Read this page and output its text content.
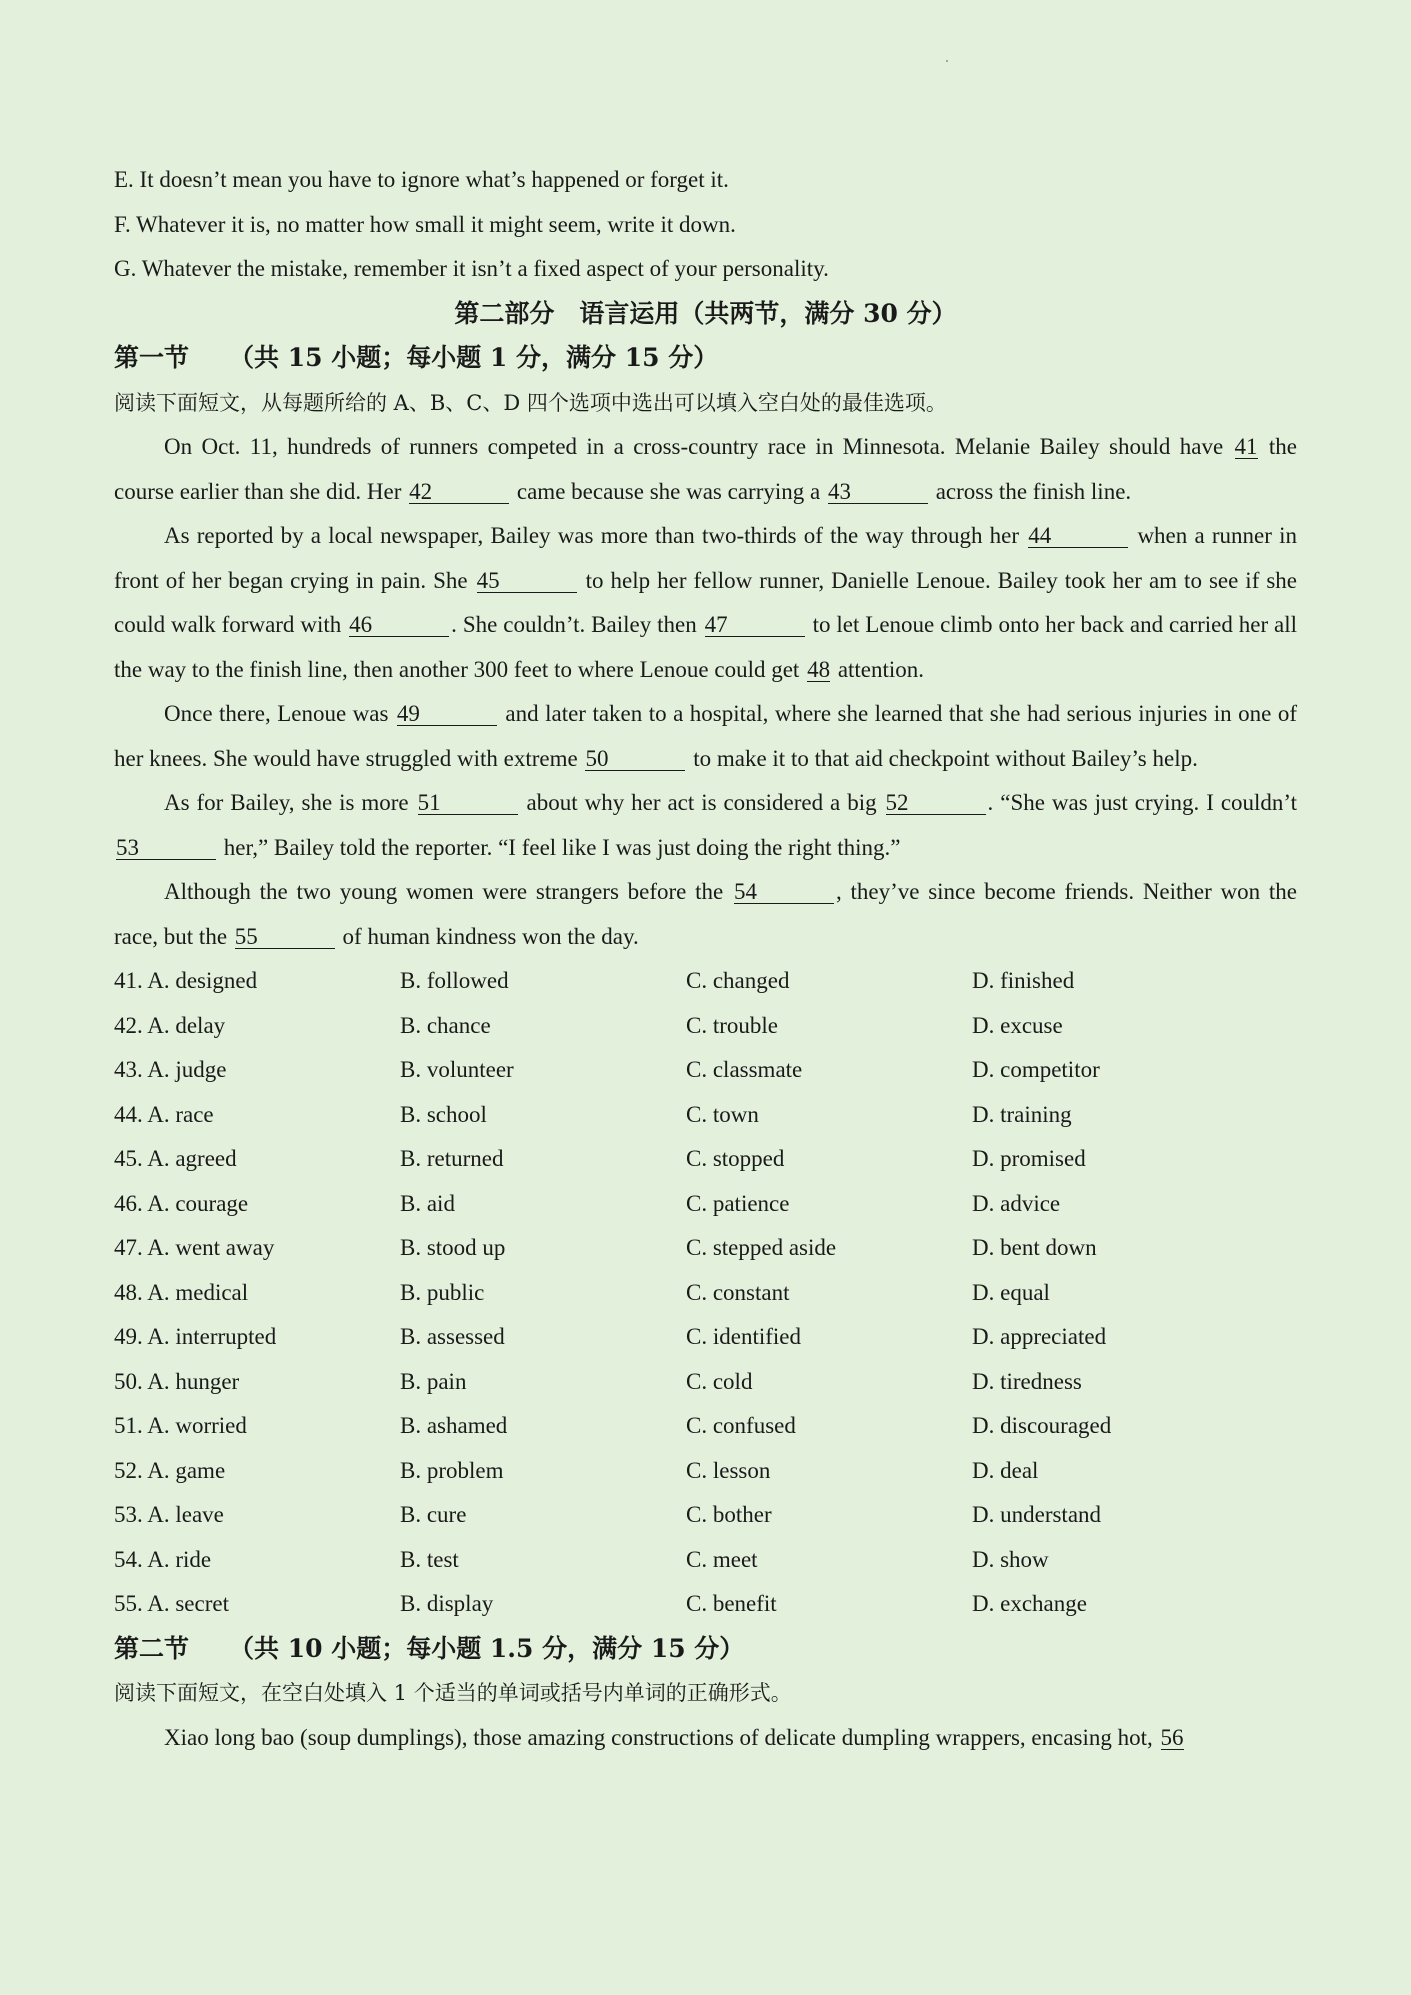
E. It doesn’t mean you have to ignore what’s happened or forget it.
F. Whatever it is, no matter how small it might seem, write it down.
G. Whatever the mistake, remember it isn’t a fixed aspect of your personality.
第二部分　语言运用（共两节，满分 30 分）
第一节 （共 15 小题；每小题 1 分，满分 15 分）
阅读下面短文，从每题所给的 A、B、C、D 四个选项中选出可以填入空白处的最佳选项。
On Oct. 11, hundreds of runners competed in a cross-country race in Minnesota. Melanie Bailey should have 41 the course earlier than she did. Her 42	came because she was carrying a 43	across the finish line.
As reported by a local newspaper, Bailey was more than two-thirds of the way through her 44	when a runner in front of her began crying in pain. She 45	to help her fellow runner, Danielle Lenoue. Bailey took her am to see if she could walk forward with 46	. She couldn’t. Bailey then 47	to let Lenoue climb onto her back and carried her all the way to the finish line, then another 300 feet to where Lenoue could get 48 attention.
Once there, Lenoue was 49	and later taken to a hospital, where she learned that she had serious injuries in one of her knees. She would have struggled with extreme 50	to make it to that aid checkpoint without Bailey’s help.
As for Bailey, she is more 51	about why her act is considered a big 52	. “She was just crying. I couldn’t 53	her,” Bailey told the reporter. “I feel like I was just doing the right thing.”
Although the two young women were strangers before the 54	, they’ve since become friends. Neither won the race, but the 55	of human kindness won the day.
41. A. designed	B. followed	C. changed	D. finished
42. A. delay	B. chance	C. trouble	D. excuse
43. A. judge	B. volunteer	C. classmate	D. competitor
44. A. race	B. school	C. town	D. training
45. A. agreed	B. returned	C. stopped	D. promised
46. A. courage	B. aid	C. patience	D. advice
47. A. went away	B. stood up	C. stepped aside	D. bent down
48. A. medical	B. public	C. constant	D. equal
49. A. interrupted	B. assessed	C. identified	D. appreciated
50. A. hunger	B. pain	C. cold	D. tiredness
51. A. worried	B. ashamed	C. confused	D. discouraged
52. A. game	B. problem	C. lesson	D. deal
53. A. leave	B. cure	C. bother	D. understand
54. A. ride	B. test	C. meet	D. show
55. A. secret	B. display	C. benefit	D. exchange
第二节 （共 10 小题；每小题 1.5 分，满分 15 分）
阅读下面短文，在空白处填入 1 个适当的单词或括号内单词的正确形式。
Xiao long bao (soup dumplings), those amazing constructions of delicate dumpling wrappers, encasing hot, 56
